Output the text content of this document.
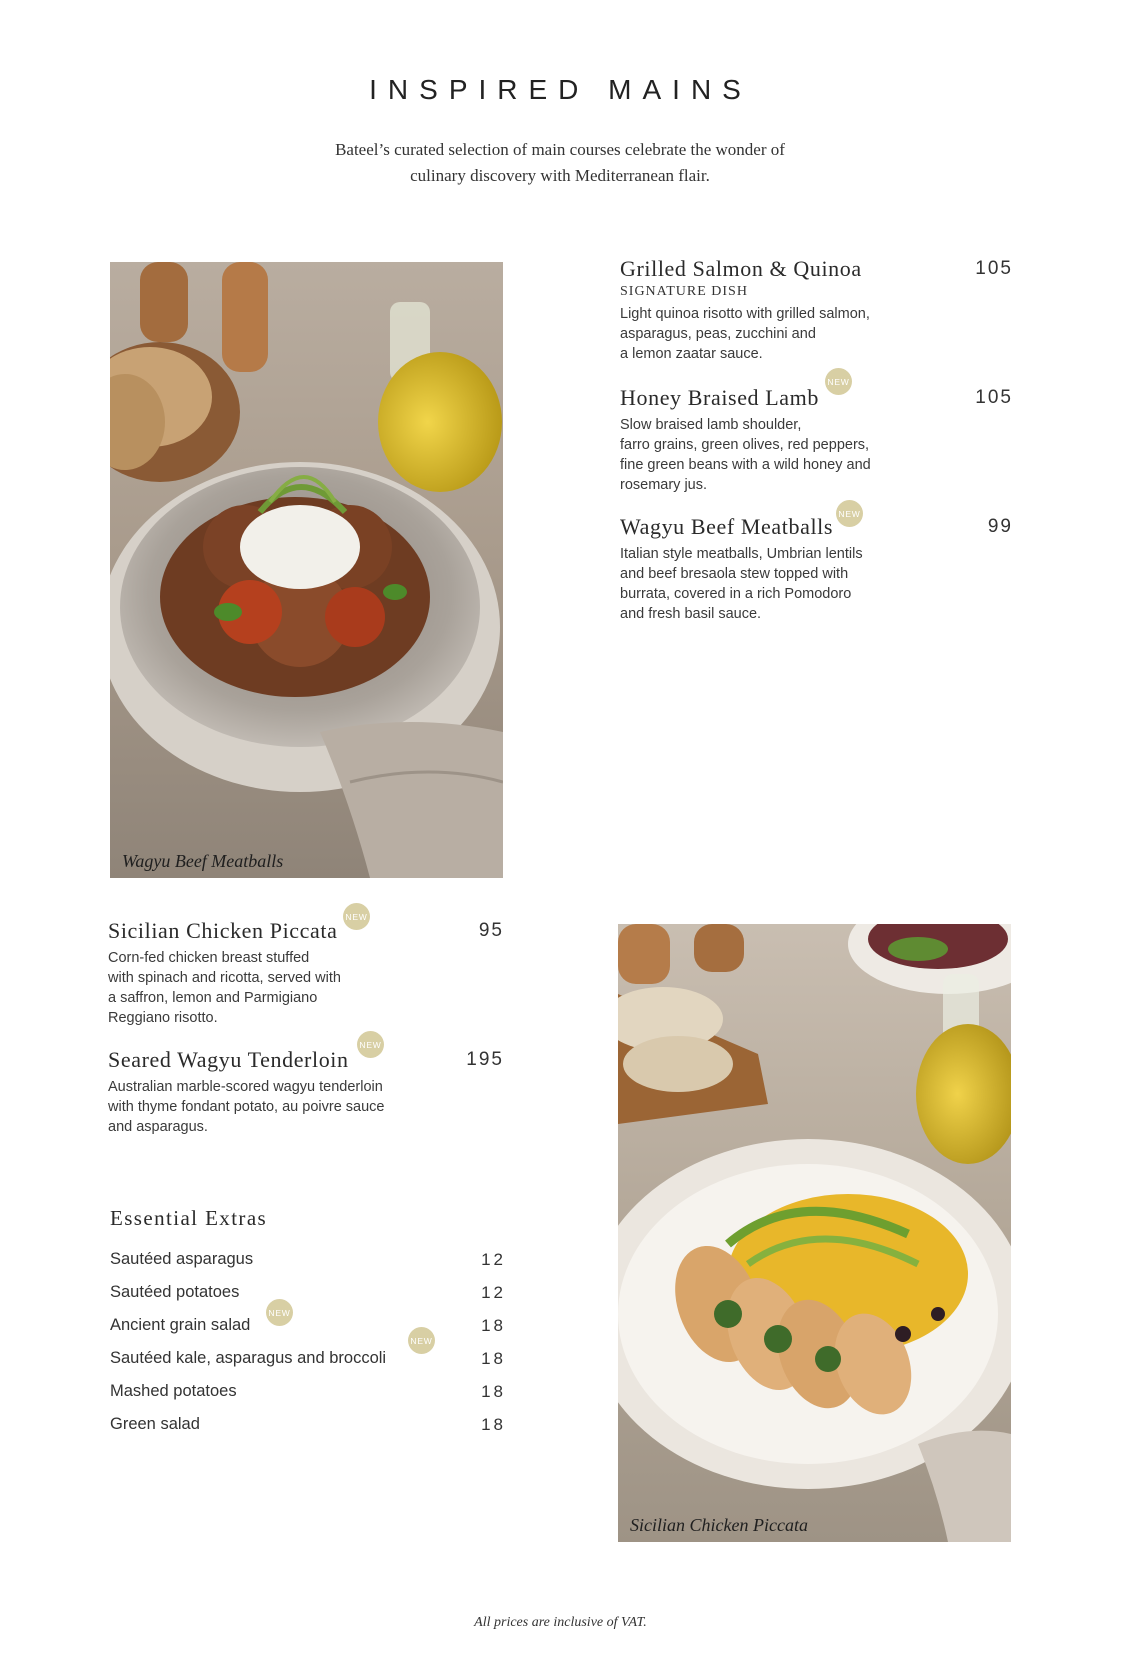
INSPIRED MAINS
Bateel’s curated selection of main courses celebrate the wonder of
culinary discovery with Mediterranean flair.
Wagyu Beef Meatballs
Grilled Salmon & Quinoa	105
SIGNATURE DISH
Light quinoa risotto with grilled salmon,
asparagus, peas, zucchini and
a lemon zaatar sauce.
NEW
Honey Braised Lamb	105
Slow braised lamb shoulder,
farro grains, green olives, red peppers,
fine green beans with a wild honey and
rosemary jus.
NEW
Wagyu Beef Meatballs	99
Italian style meatballs, Umbrian lentils
and beef bresaola stew topped with
burrata, covered in a rich Pomodoro
and fresh basil sauce.
NEW
Sicilian Chicken Piccata	95
Corn-fed chicken breast stuffed
with spinach and ricotta, served with
a saffron, lemon and Parmigiano
Reggiano risotto.
NEW
Seared Wagyu Tenderloin	195
Australian marble-scored wagyu tenderloin
with thyme fondant potato, au poivre sauce
and asparagus.
Essential Extras
Sautéed asparagus	12
Sautéed potatoes	12
Ancient grain salad	18
Sautéed kale, asparagus and broccoli	18
Mashed potatoes	18
Green salad	18
NEW
NEW
Sicilian Chicken Piccata
All prices are inclusive of VAT.
